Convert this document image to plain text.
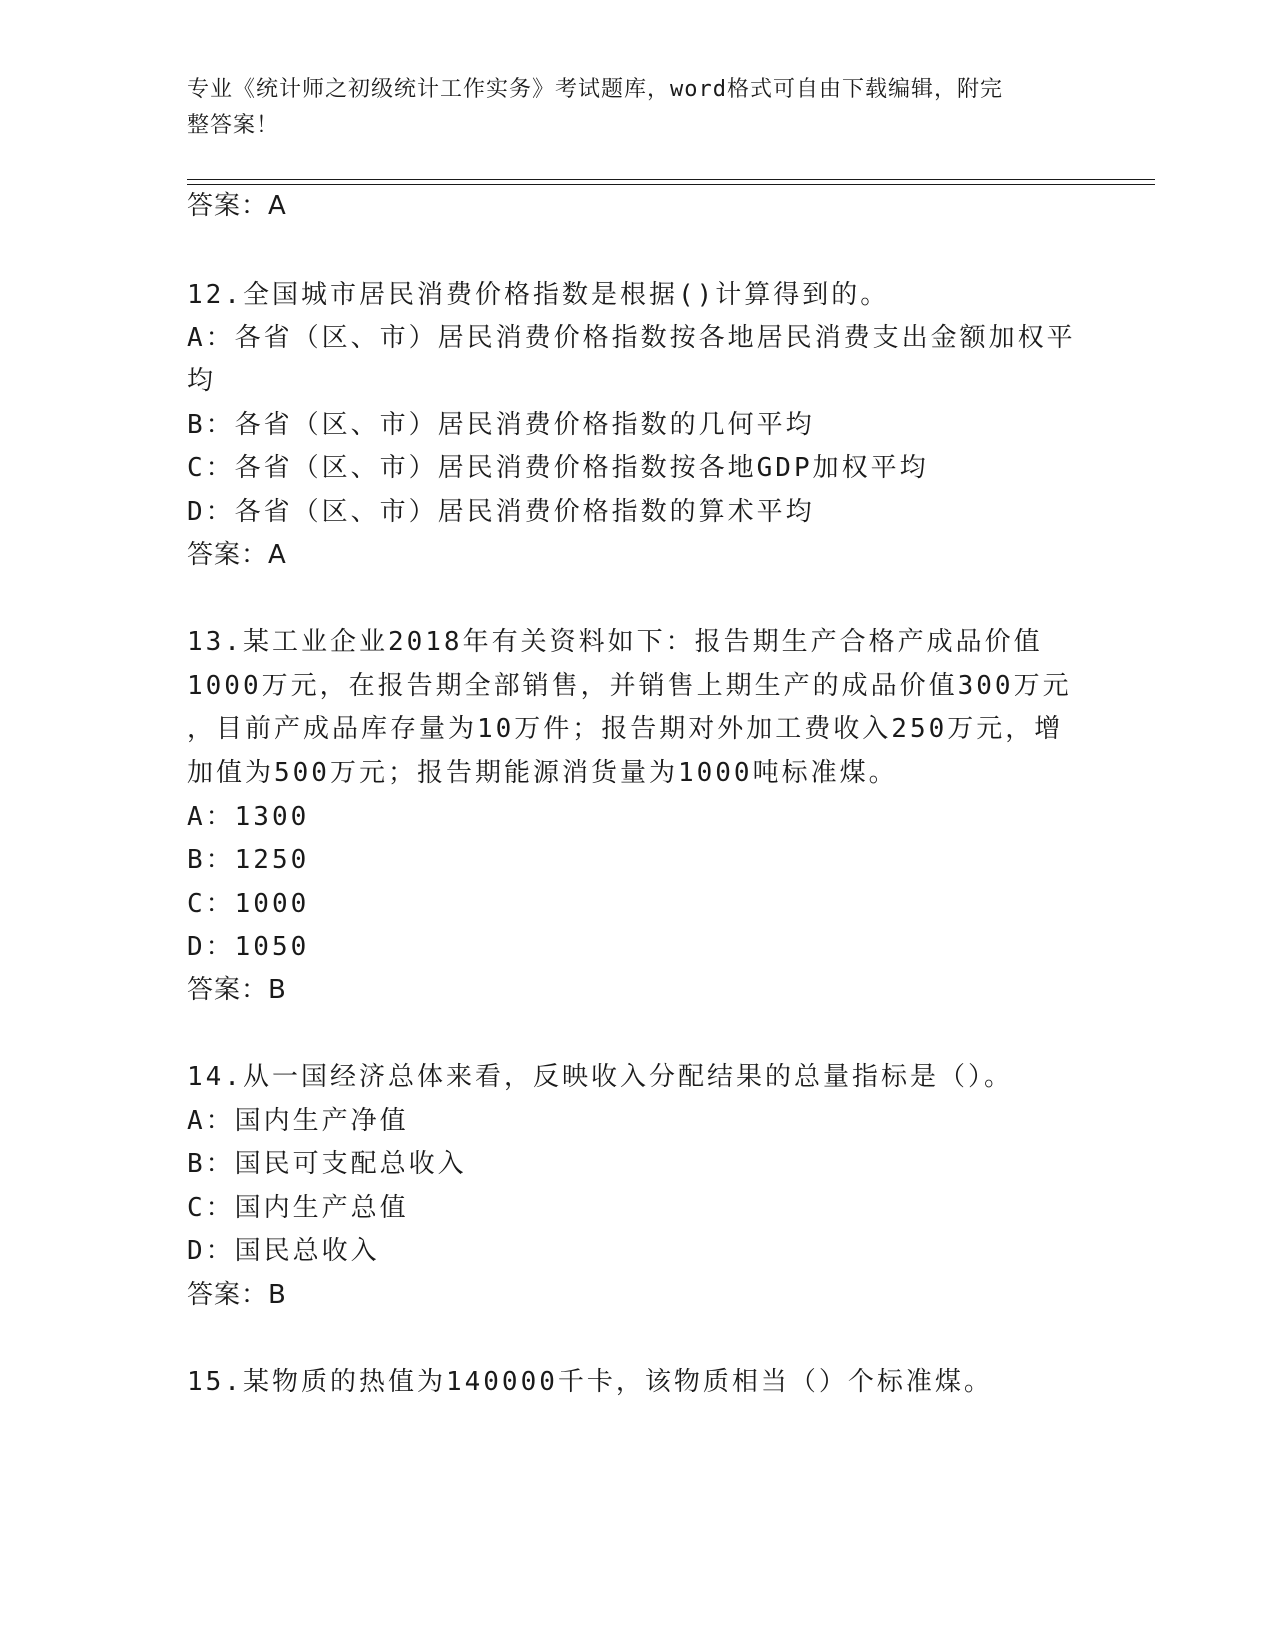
专业《统计师之初级统计工作实务》考试题库，word格式可自由下载编辑，附完
整答案！
答案：A
12.全国城市居民消费价格指数是根据()计算得到的。
A：各省（区、市）居民消费价格指数按各地居民消费支出金额加权平
均
B：各省（区、市）居民消费价格指数的几何平均
C：各省（区、市）居民消费价格指数按各地GDP加权平均
D：各省（区、市）居民消费价格指数的算术平均
答案：A
13.某工业企业2018年有关资料如下：报告期生产合格产成品价值
1000万元，在报告期全部销售，并销售上期生产的成品价值300万元
，目前产成品库存量为10万件；报告期对外加工费收入250万元，增
加值为500万元；报告期能源消货量为1000吨标准煤。
A：1300
B：1250
C：1000
D：1050
答案：B
14.从一国经济总体来看，反映收入分配结果的总量指标是（）。
A：国内生产净值
B：国民可支配总收入
C：国内生产总值
D：国民总收入
答案：B
15.某物质的热值为140000千卡，该物质相当（）个标准煤。
